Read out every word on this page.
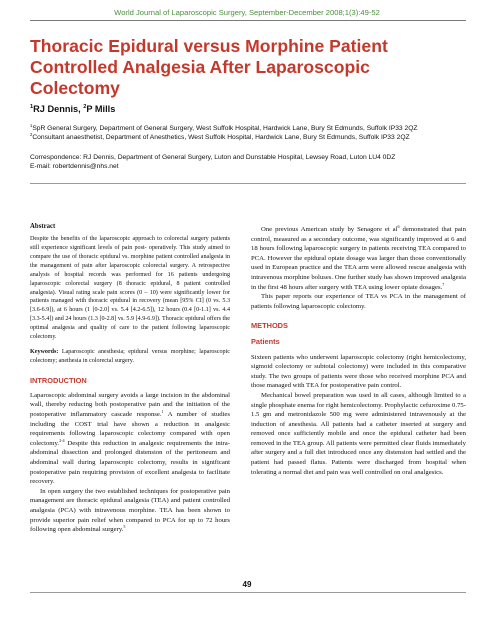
World Journal of Laparoscopic Surgery, September-December 2008;1(3):49-52
Thoracic Epidural versus Morphine Patient
Controlled Analgesia After Laparoscopic
Colectomy
$^1$RJ Dennis, $^2$P Mills
$^1$SpR General Surgery, Department of General Surgery, West Suffolk Hospital, Hardwick Lane, Bury St Edmunds, Suffolk IP33 2QZ
$^2$Consultant anaesthetist, Department of Anesthetics, West Suffolk Hospital, Hardwick Lane, Bury St Edmunds, Suffolk IP33 2QZ
Correspondence: RJ Dennis, Department of General Surgery, Luton and Dunstable Hospital, Lewsey Road, Luton LU4 0DZ
E-mail: robertdennis@nhs.net
Abstract
Despite the benefits of the laparoscopic approach to colorectal surgery patients still experience significant levels of pain post- operatively. This study aimed to compare the use of thoracic epidural vs. morphine patient controlled analgesia in the management of pain after laparoscopic colorectal surgery. A retrospective analysis of hospital records was performed for 16 patients undergoing laparoscopic colorectal surgery (8 thoracic epidural, 8 patient controlled analgesia). Visual rating scale pain scores (0 – 10) were significantly lower for patients managed with thoracic epidural in recovery (mean [95% CI] (0 vs. 5.3 [3.6-6.9]), at 6 hours (1 [0-2.0] vs. 5.4 [4.2-6.5]), 12 hours (0.4 [0-1.1] vs. 4.4 [3.3-5.4]) and 24 hours (1.3 [0-2.8] vs. 5.9 [4.9-6.9]). Thoracic epidural offers the optimal analgesia and quality of care to the patient following laparoscopic colectomy.
Keywords: Laparoscopic anesthesia; epidural versus morphine; laparoscopic colectomy; anethesia in colorectal surgery.
INTRODUCTION
Laparoscopic abdominal surgery avoids a large incision in the abdominal wall, thereby reducing both postoperative pain and the initiation of the postoperative inflammatory cascade response.$^1$ A number of studies including the COST trial have shown a reduction in analgesic requirements following laparoscopic colectomy compared with open colectomy.$^{2-4}$ Despite this reduction in analgesic requirements the intra-abdominal dissection and prolonged distension of the peritoneum and abdominal wall during laparoscopic colectomy, results in significant postoperative pain requiring provision of excellent analgesia to facilitate recovery.
In open surgery the two established techniques for postoperative pain management are thoracic epidural analgesia (TEA) and patient controlled analgesia (PCA) with intravenous morphine. TEA has been shown to provide superior pain relief when compared to PCA for up to 72 hours following open abdominal surgery.$^5$
One previous American study by Senagore et $al^6$ demonstrated that pain control, measured as a secondary outcome, was significantly improved at 6 and 18 hours following laparoscopic surgery in patients receiving TEA compared to PCA. However the epidural opiate dosage was larger than those conventionally used in European practice and the TEA arm were allowed rescue analgesia with intravenous morphine boluses. One further study has shown improved analgesia in the first 48 hours after surgery with TEA using lower opiate dosages.$^7$
This paper reports our experience of TEA vs PCA in the management of patients following laparoscopic colectomy.
METHODS
Patients
Sixteen patients who underwent laparoscopic colectomy (right hemicolectomy, sigmoid colectomy or subtotal colectomy) were included in this comparative study. The two groups of patients were those who received morphine PCA and those managed with TEA for postoperative pain control.
Mechanical bowel preparation was used in all cases, although limited to a single phosphate enema for right hemicolectomy. Prophylactic cefuroxime 0.75-1.5 gm and metronidazole 500 mg were administered intravenously at the induction of anesthesia. All patients had a catheter inserted at surgery and removed once sufficiently mobile and once the epidural catheter had been removed in the TEA group. All patients were permitted clear fluids immediately after surgery and a full diet introduced once any distension had settled and the patient had passed flatus. Patients were discharged from hospital when tolerating a normal diet and pain was well controlled on oral analgesics.
49
